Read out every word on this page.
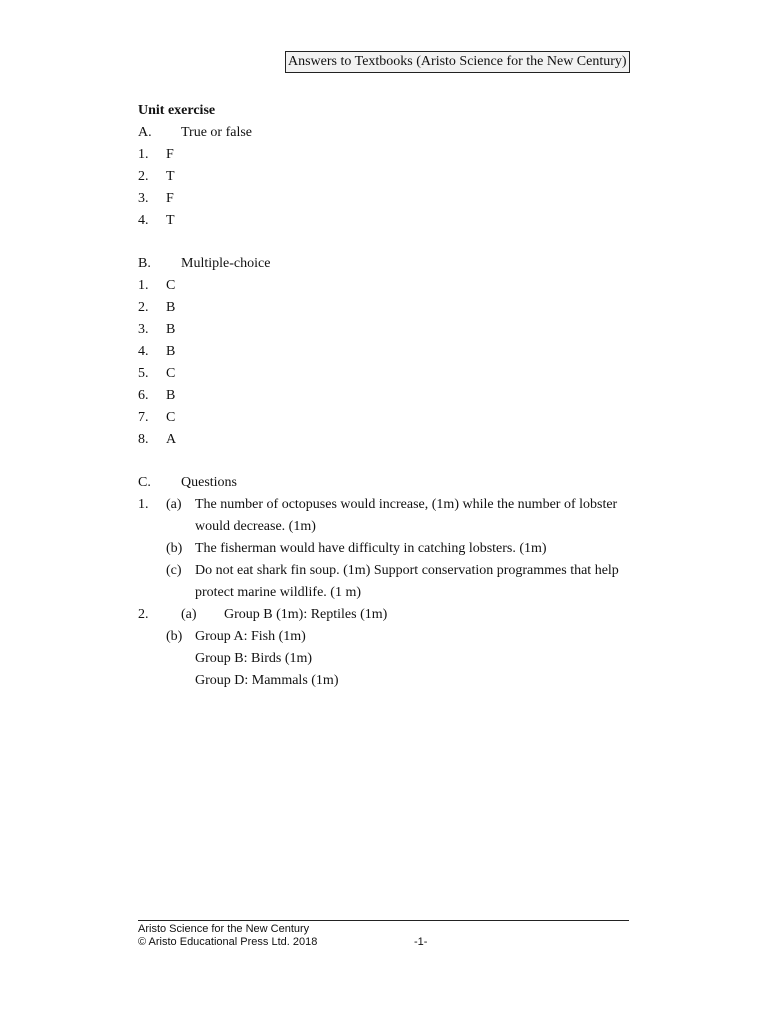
Answers to Textbooks (Aristo Science for the New Century)
Unit exercise
A. True or false
1. F
2. T
3. F
4. T
B. Multiple-choice
1. C
2. B
3. B
4. B
5. C
6. B
7. C
8. A
C. Questions
1. (a) The number of octopuses would increase, (1m) while the number of lobster
would decrease. (1m)
(b) The fisherman would have difficulty in catching lobsters. (1m)
(c) Do not eat shark fin soup. (1m) Support conservation programmes that help
protect marine wildlife. (1 m)
2. (a) Group B (1m): Reptiles (1m)
(b) Group A: Fish (1m)
Group B: Birds (1m)
Group D: Mammals (1m)
Aristo Science for the New Century
© Aristo Educational Press Ltd. 2018	-1-
